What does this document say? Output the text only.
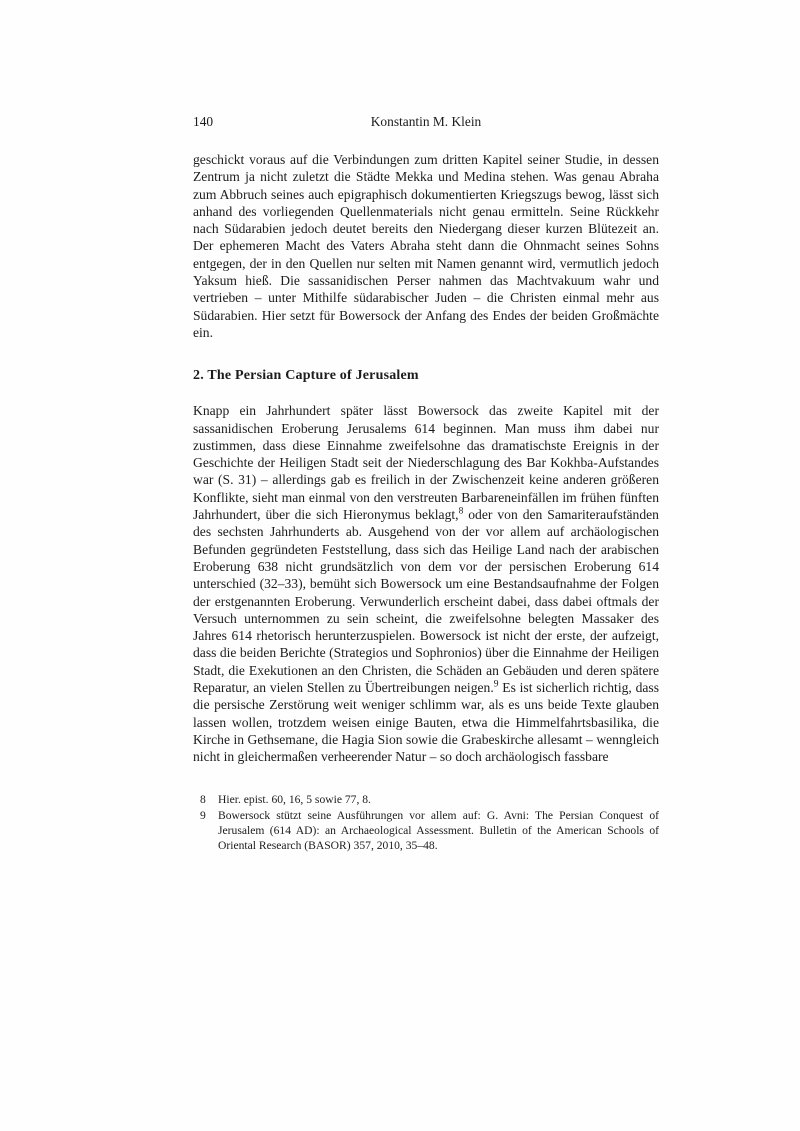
140	Konstantin M. Klein

geschickt voraus auf die Verbindungen zum dritten Kapitel seiner Studie, in dessen Zentrum ja nicht zuletzt die Städte Mekka und Medina stehen. Was genau Abraha zum Abbruch seines auch epigraphisch dokumentierten Kriegszugs bewog, lässt sich anhand des vorliegenden Quellenmaterials nicht genau ermitteln. Seine Rückkehr nach Südarabien jedoch deutet bereits den Niedergang dieser kurzen Blütezeit an. Der ephemeren Macht des Vaters Abraha steht dann die Ohnmacht seines Sohns entgegen, der in den Quellen nur selten mit Namen genannt wird, vermutlich jedoch Yaksum hieß. Die sassanidischen Perser nahmen das Machtvakuum wahr und vertrieben – unter Mithilfe südarabischer Juden – die Christen einmal mehr aus Südarabien. Hier setzt für Bowersock der Anfang des Endes der beiden Großmächte ein.

2. The Persian Capture of Jerusalem

Knapp ein Jahrhundert später lässt Bowersock das zweite Kapitel mit der sassanidischen Eroberung Jerusalems 614 beginnen. Man muss ihm dabei nur zustimmen, dass diese Einnahme zweifelsohne das dramatischste Ereignis in der Geschichte der Heiligen Stadt seit der Niederschlagung des Bar Kokhba-Aufstandes war (S. 31) – allerdings gab es freilich in der Zwischenzeit keine anderen größeren Konflikte, sieht man einmal von den verstreuten Barbareneinfällen im frühen fünften Jahrhundert, über die sich Hieronymus beklagt,$^8$ oder von den Samariteraufständen des sechsten Jahrhunderts ab. Ausgehend von der vor allem auf archäologischen Befunden gegründeten Feststellung, dass sich das Heilige Land nach der arabischen Eroberung 638 nicht grundsätzlich von dem vor der persischen Eroberung 614 unterschied (32–33), bemüht sich Bowersock um eine Bestandsaufnahme der Folgen der erstgenannten Eroberung. Verwunderlich erscheint dabei, dass dabei oftmals der Versuch unternommen zu sein scheint, die zweifelsohne belegten Massaker des Jahres 614 rhetorisch herunterzuspielen. Bowersock ist nicht der erste, der aufzeigt, dass die beiden Berichte (Strategios und Sophronios) über die Einnahme der Heiligen Stadt, die Exekutionen an den Christen, die Schäden an Gebäuden und deren spätere Reparatur, an vielen Stellen zu Übertreibungen neigen.$^9$ Es ist sicherlich richtig, dass die persische Zerstörung weit weniger schlimm war, als es uns beide Texte glauben lassen wollen, trotzdem weisen einige Bauten, etwa die Himmelfahrtsbasilika, die Kirche in Gethsemane, die Hagia Sion sowie die Grabeskirche allesamt – wenngleich nicht in gleichermaßen verheerender Natur – so doch archäologisch fassbare

8 Hier. epist. 60, 16, 5 sowie 77, 8.
9 Bowersock stützt seine Ausführungen vor allem auf: G. Avni: The Persian Conquest of Jerusalem (614 AD): an Archaeological Assessment. Bulletin of the American Schools of Oriental Research (BASOR) 357, 2010, 35–48.
